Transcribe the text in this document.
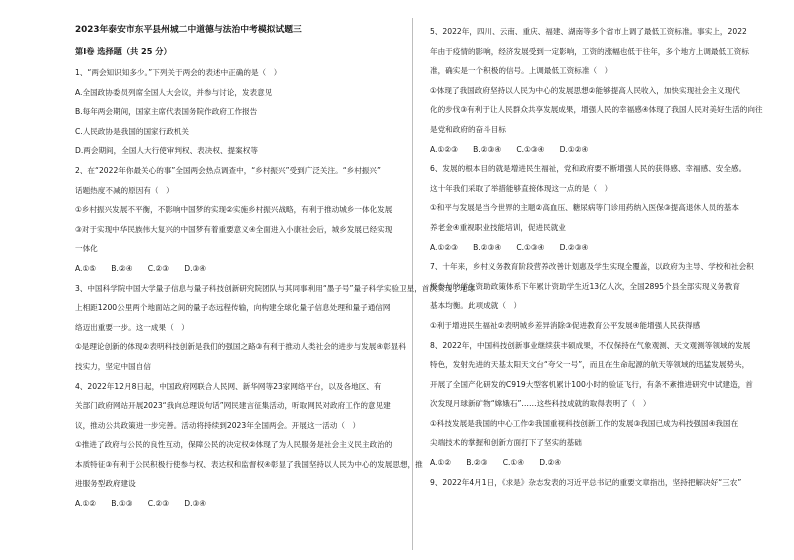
2023年泰安市东平县州城二中道德与法治中考模拟试题三
第Ⅰ卷 选择题（共 25 分）
1、“两会知识知多少。”下列关于两会的表述中正确的是（　）
A.全国政协委员列席全国人大会议，并参与讨论，发表意见
B.每年两会期间，国家主席代表国务院作政府工作报告
C.人民政协是我国的国家行政机关
D.两会期间，全国人大行使审判权、表决权、提案权等
2、在“2022年你最关心的事”全国两会热点调查中，“乡村振兴”受到广泛关注。“乡村振兴”
话题热度不减的原因有（　）
①乡村振兴发展不平衡，不影响中国梦的实现②实施乡村振兴战略，有利于推动城乡一体化发展
③对于实现中华民族伟大复兴的中国梦有着重要意义④全面进入小康社会后，城乡发展已经实现
一体化
A.①⑤　　B.②④　　C.②③　　D.③④
3、中国科学院中国大学量子信息与量子科技创新研究院团队与其同事利用“墨子号”量子科学实验卫星，首次实现了地球
上相距1200公里两个地面站之间的量子态远程传输，向构建全球化量子信息处理和量子通信网
络迈出重要一步。这一成果（　）
①是理论创新的体现②表明科技创新是我们的强国之路③有利于推动人类社会的进步与发展④彰显科
技实力，坚定中国自信
4、2022年12月8日起，中国政府网联合人民网、新华网等23家网络平台，以及各地区、有
关部门政府网站开展2023“我向总理说句话”网民建言征集活动，听取网民对政府工作的意见建
议，推动公共政策进一步完善。活动将持续到2023年全国两会。开展这一活动（　）
①推进了政府与公民的良性互动，保障公民的决定权②体现了为人民服务是社会主义民主政治的
本质特征③有利于公民积极行使参与权、表达权和监督权④彰显了我国坚持以人民为中心的发展思想，推
进服务型政府建设
A.①②　　B.①③　　C.②③　　D.③④
5、2022年，四川、云南、重庆、福建、湖南等多个省市上调了最低工资标准。事实上，2022
年由于疫情的影响，经济发展受到一定影响，工资的涨幅也低于往年，多个地方上调最低工资标
准，确实是一个积极的信号。上调最低工资标准（　）
①体现了我国政府坚持以人民为中心的发展思想②能够提高人民收入，加快实现社会主义现代
化的步伐③有利于让人民群众共享发展成果，增强人民的幸福感④体现了我国人民对美好生活的向往
是党和政府的奋斗目标
A.①②③　　B.②③④　　C.①③④　　D.①②④
6、发展的根本目的就是增进民生福祉，党和政府要不断增强人民的获得感、幸福感、安全感。
这十年我们采取了举措能够直接体现这一点的是（　）
①和平与发展是当今世界的主题②高血压、糖尿病等门诊用药纳入医保③提高退休人员的基本
养老金④重视职业技能培训，促进民就业
A.①②③　　B.②③④　　C.①③④　　D.②③④
7、十年来，乡村义务教育阶段营养改善计划惠及学生实现全覆盖，以政府为主导、学校和社会积
极参与的学生资助政策体系下年累计资助学生近13亿人次，全国2895个县全部实现义务教育
基本均衡。此项成就（　）
①利于增进民生福祉②表明城乡差异消除③促进教育公平发展④能增强人民获得感
8、2022年，中国科技创新事业继续获丰硕成果，不仅保持在气象观测、天文观测等领域的发展
特色，发射先进的天基太阳天文台“夸父一号”，而且在生命起源的航天等领域的迅猛发展势头，
开展了全国产化研发的C919大型客机累计100小时的验证飞行，有条不紊推进研究中试建造，首
次发现月球新矿物“嫦娥石”……这些科技成就的取得表明了（　）
①科技发展是我国的中心工作②我国重视科技创新工作的发展③我国已成为科技强国④我国在
尖端技术的掌握和创新方面打下了坚实的基础
A.①②　　B.②③　　C.①④　　D.②④
9、2022年4月1日，《求是》杂志发表的习近平总书记的重要文章指出，坚持把解决好“三农”
